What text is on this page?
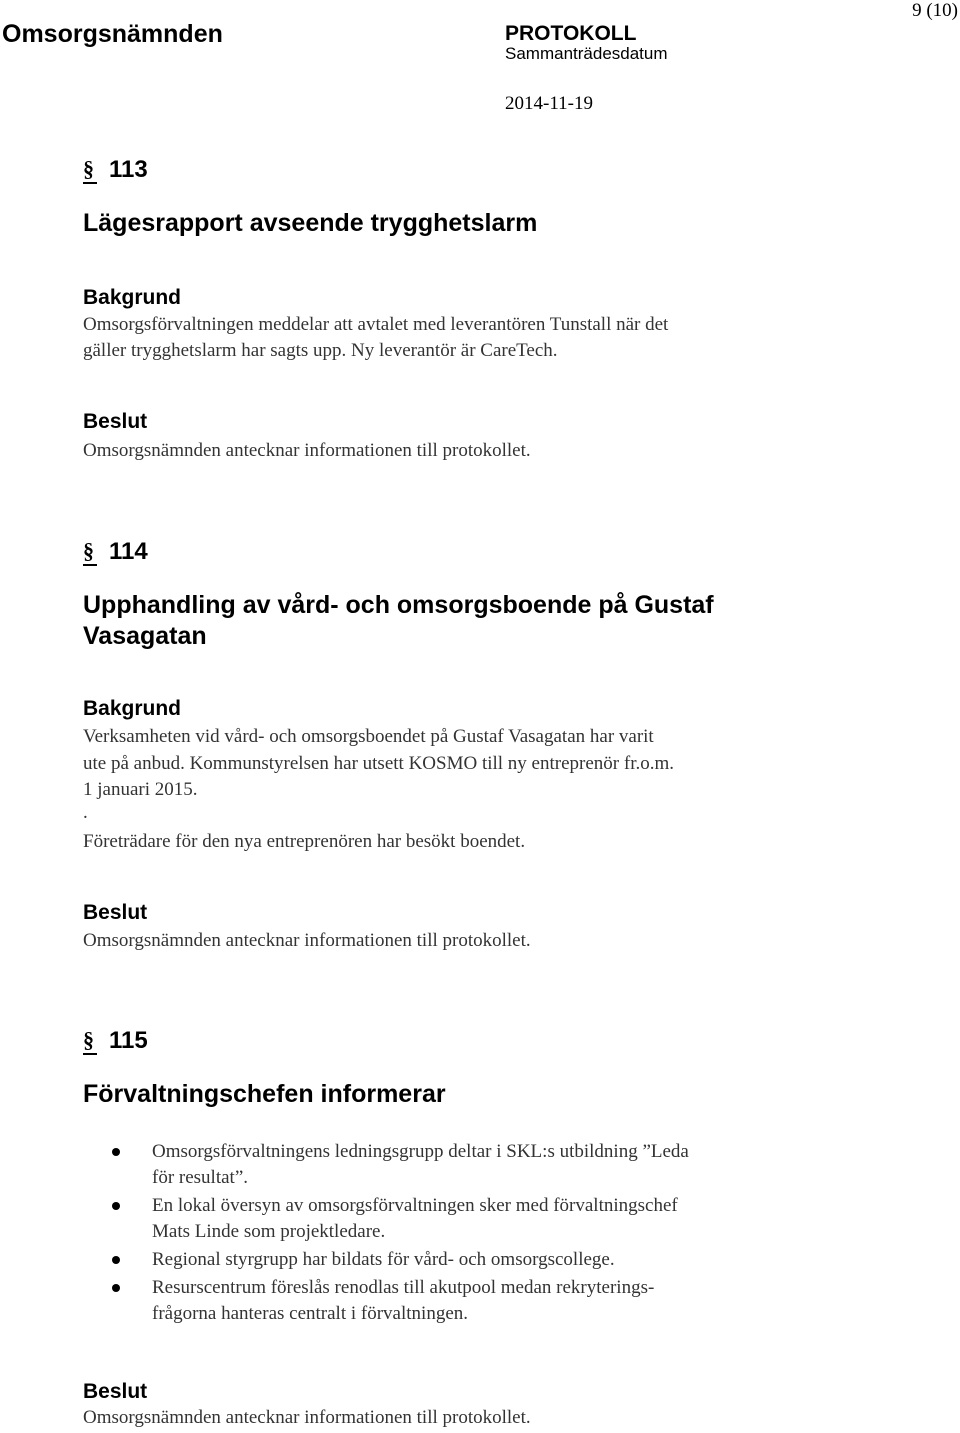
Omsorgsnämnden	PROTOKOLL
9 (10)
Sammanträdesdatum
2014-11-19
§ 113
Lägesrapport avseende trygghetslarm
Bakgrund
Omsorgsförvaltningen meddelar att avtalet med leverantören Tunstall när det
gäller trygghetslarm har sagts upp. Ny leverantör är CareTech.
Beslut
Omsorgsnämnden antecknar informationen till protokollet.
§ 114
Upphandling av vård- och omsorgsboende på Gustaf
Vasagatan
Bakgrund
Verksamheten vid vård- och omsorgsboendet på Gustaf Vasagatan har varit
ute på anbud. Kommunstyrelsen har utsett KOSMO till ny entreprenör fr.o.m.
1 januari 2015.
.
Företrädare för den nya entreprenören har besökt boendet.
Beslut
Omsorgsnämnden antecknar informationen till protokollet.
§ 115
Förvaltningschefen informerar
Omsorgsförvaltningens ledningsgrupp deltar i SKL:s utbildning ”Leda
för resultat”.
En lokal översyn av omsorgsförvaltningen sker med förvaltningschef
Mats Linde som projektledare.
Regional styrgrupp har bildats för vård- och omsorgscollege.
Resurscentrum föreslås renodlas till akutpool medan rekryterings-
frågorna hanteras centralt i förvaltningen.
Beslut
Omsorgsnämnden antecknar informationen till protokollet.
